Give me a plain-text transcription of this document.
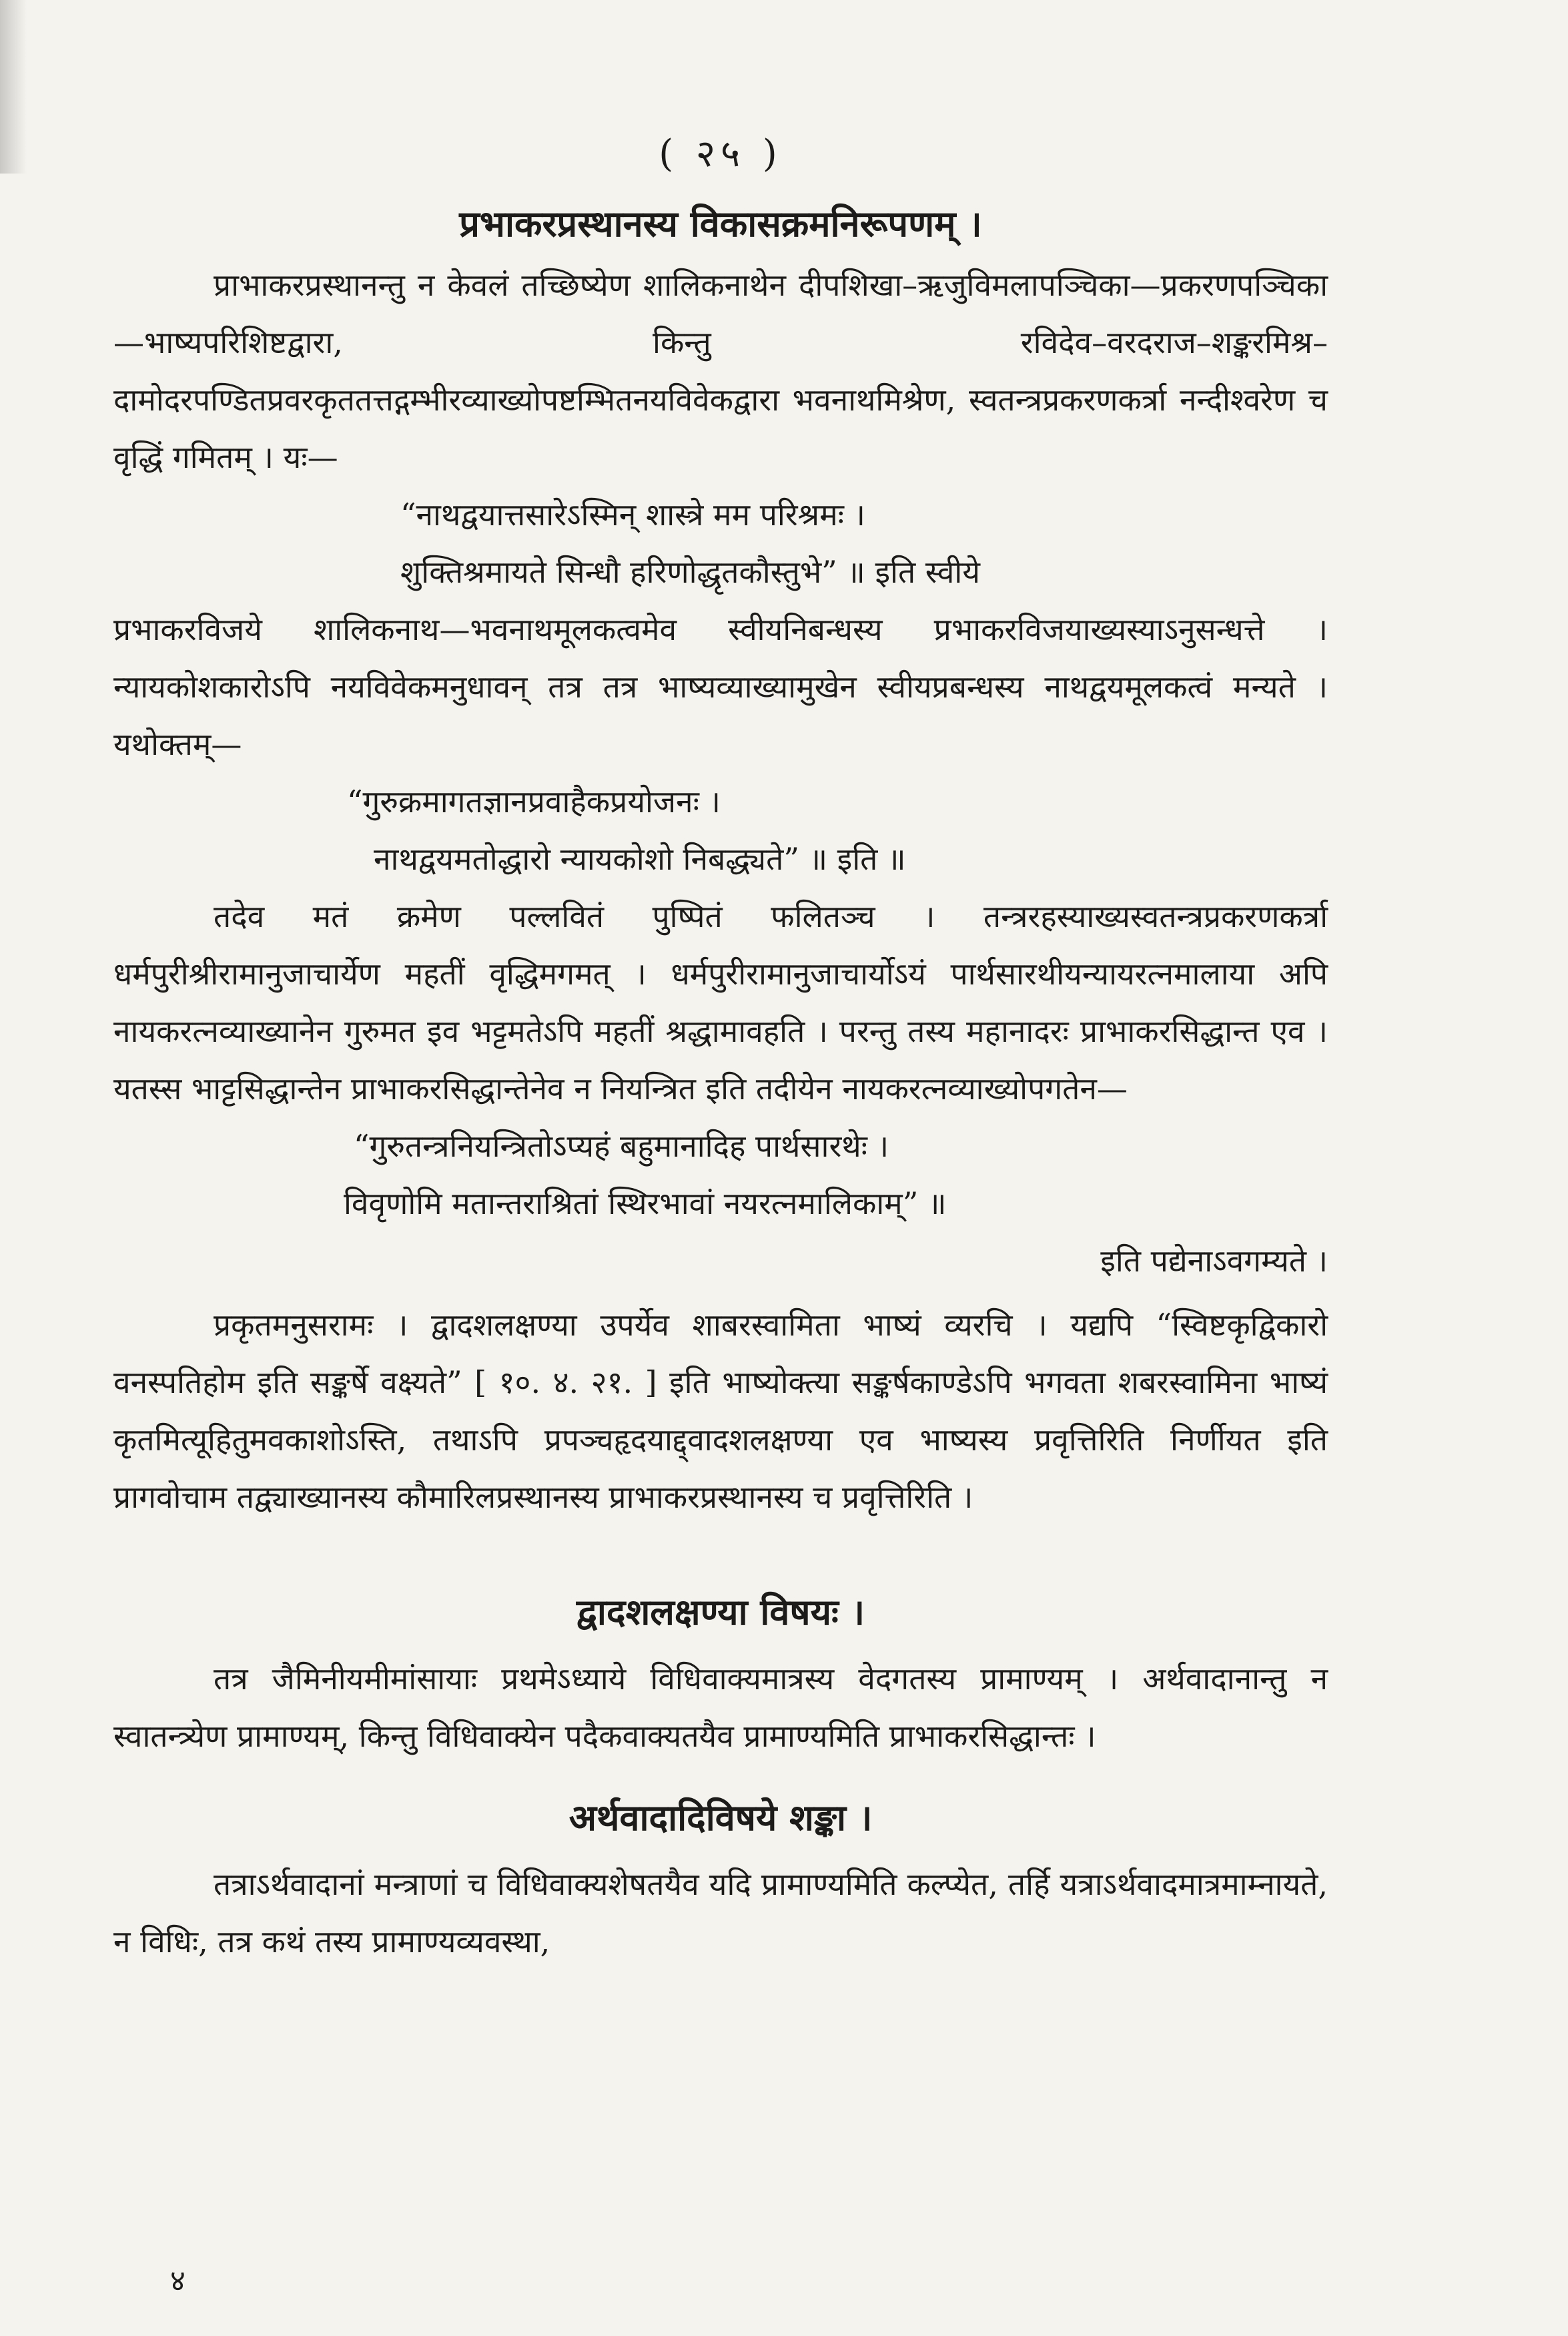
( २५ )
प्रभाकरप्रस्थानस्य विकासक्रमनिरूपणम् ।

प्राभाकरप्रस्थानन्तु न केवलं तच्छिष्येण शालिकनाथेन दीपशिखा–ऋजुविमलापञ्चिका—प्रकरणपञ्चिका—भाष्यपरिशिष्टद्वारा, किन्तु रविदेव–वरदराज–शङ्करमिश्र–दामोदरपण्डितप्रवरकृततत्तद्गम्भीरव्याख्योपष्टम्भितनयविवेकद्वारा भवनाथमिश्रेण, स्वतन्त्रप्रकरणकर्त्रा नन्दीश्वरेण च वृद्धिं गमितम् । यः—

“नाथद्वयात्तसारेऽस्मिन् शास्त्रे मम परिश्रमः ।

शुक्तिश्रमायते सिन्धौ हरिणोद्धृतकौस्तुभे” ॥ इति स्वीये

प्रभाकरविजये शालिकनाथ—भवनाथमूलकत्वमेव स्वीयनिबन्धस्य प्रभाकरविजयाख्यस्याऽनुसन्धत्ते । न्यायकोशकारोऽपि नयविवेकमनुधावन् तत्र तत्र भाष्यव्याख्यामुखेन स्वीयप्रबन्धस्य नाथद्वयमूलकत्वं मन्यते । यथोक्तम्—

“गुरुक्रमागतज्ञानप्रवाहैकप्रयोजनः ।

नाथद्वयमतोद्धारो न्यायकोशो निबद्ध्यते” ॥ इति ॥

तदेव मतं क्रमेण पल्लवितं पुष्पितं फलितञ्च । तन्त्ररहस्याख्यस्वतन्त्रप्रकरणकर्त्रा धर्मपुरीश्रीरामानुजाचार्येण महतीं वृद्धिमगमत् । धर्मपुरीरामानुजाचार्योऽयं पार्थसारथीयन्यायरत्नमालाया अपि नायकरत्नव्याख्यानेन गुरुमत इव भट्टमतेऽपि महतीं श्रद्धामावहति । परन्तु तस्य महानादरः प्राभाकरसिद्धान्त एव । यतस्स भाट्टसिद्धान्तेन प्राभाकरसिद्धान्तेनेव न नियन्त्रित इति तदीयेन नायकरत्नव्याख्योपगतेन—

“गुरुतन्त्रनियन्त्रितोऽप्यहं बहुमानादिह पार्थसारथेः ।

विवृणोमि मतान्तराश्रितां स्थिरभावां नयरत्नमालिकाम्” ॥

इति पद्येनाऽवगम्यते ।

प्रकृतमनुसरामः । द्वादशलक्षण्या उपर्येव शाबरस्वामिता भाष्यं व्यरचि । यद्यपि “स्विष्टकृद्विकारो वनस्पतिहोम इति सङ्कर्षे वक्ष्यते” [ १०. ४. २१. ] इति भाष्योक्त्या सङ्कर्षकाण्डेऽपि भगवता शबरस्वामिना भाष्यं कृतमित्यूहितुमवकाशोऽस्ति, तथाऽपि प्रपञ्चहृदयाद्द्वादशलक्षण्या एव भाष्यस्य प्रवृत्तिरिति निर्णीयत इति प्रागवोचाम तद्व्याख्यानस्य कौमारिलप्रस्थानस्य प्राभाकरप्रस्थानस्य च प्रवृत्तिरिति ।

द्वादशलक्षण्या विषयः ।

तत्र जैमिनीयमीमांसायाः प्रथमेऽध्याये विधिवाक्यमात्रस्य वेदगतस्य प्रामाण्यम् । अर्थवादानान्तु न स्वातन्त्र्येण प्रामाण्यम्, किन्तु विधिवाक्येन पदैकवाक्यतयैव प्रामाण्यमिति प्राभाकरसिद्धान्तः ।

अर्थवादादिविषये शङ्का ।

तत्राऽर्थवादानां मन्त्राणां च विधिवाक्यशेषतयैव यदि प्रामाण्यमिति कल्प्येत, तर्हि यत्राऽर्थवादमात्रमाम्नायते, न विधिः, तत्र कथं तस्य प्रामाण्यव्यवस्था,

४
